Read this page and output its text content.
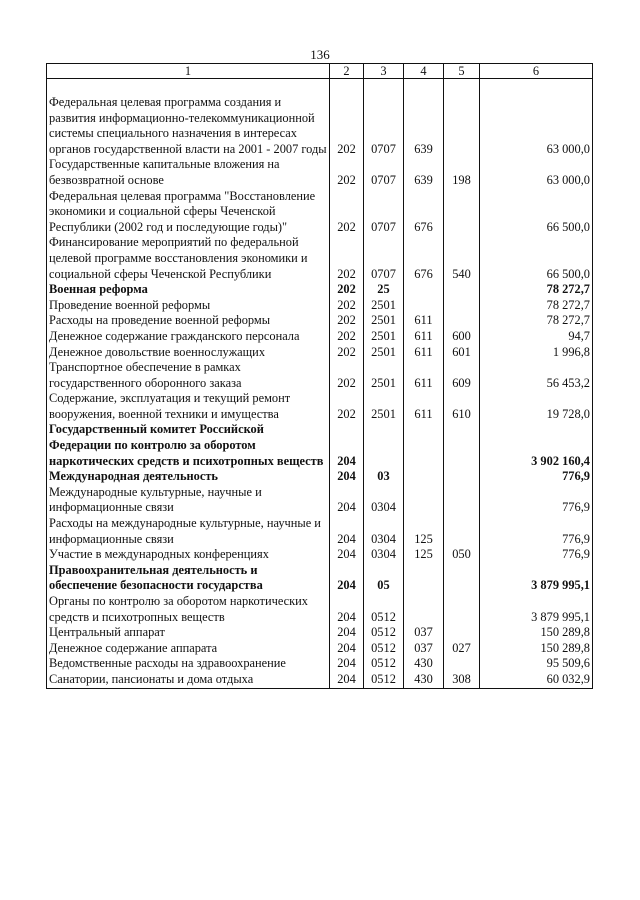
136
1	2	3	4	5	6

Федеральная целевая программа создания и развития информационно-телекоммуникационной системы специального назначения в интересах органов государственной власти на 2001 - 2007 годы	202	0707	639		63 000,0
Государственные капитальные вложения на безвозвратной основе	202	0707	639	198	63 000,0
Федеральная целевая программа "Восстановление экономики и социальной сферы Чеченской Республики (2002 год и последующие годы)"	202	0707	676		66 500,0
Финансирование мероприятий по федеральной целевой программе восстановления экономики и социальной сферы Чеченской Республики	202	0707	676	540	66 500,0
Военная реформа	202	25			78 272,7
Проведение военной реформы	202	2501			78 272,7
Расходы на проведение военной реформы	202	2501	611		78 272,7
Денежное содержание гражданского персонала	202	2501	611	600	94,7
Денежное довольствие военнослужащих	202	2501	611	601	1 996,8
Транспортное обеспечение в рамках государственного оборонного заказа	202	2501	611	609	56 453,2
Содержание, эксплуатация и текущий ремонт вооружения, военной техники и имущества	202	2501	611	610	19 728,0
Государственный комитет Российской Федерации по контролю за оборотом наркотических средств и психотропных веществ	204				3 902 160,4
Международная деятельность	204	03			776,9
Международные культурные, научные и информационные связи	204	0304			776,9
Расходы на международные культурные, научные и информационные связи	204	0304	125		776,9
Участие в международных конференциях	204	0304	125	050	776,9
Правоохранительная деятельность и обеспечение безопасности государства	204	05			3 879 995,1
Органы по контролю за оборотом наркотических средств и психотропных веществ	204	0512			3 879 995,1
Центральный аппарат	204	0512	037		150 289,8
Денежное содержание аппарата	204	0512	037	027	150 289,8
Ведомственные расходы на здравоохранение	204	0512	430		95 509,6
Санатории, пансионаты и дома отдыха	204	0512	430	308	60 032,9
